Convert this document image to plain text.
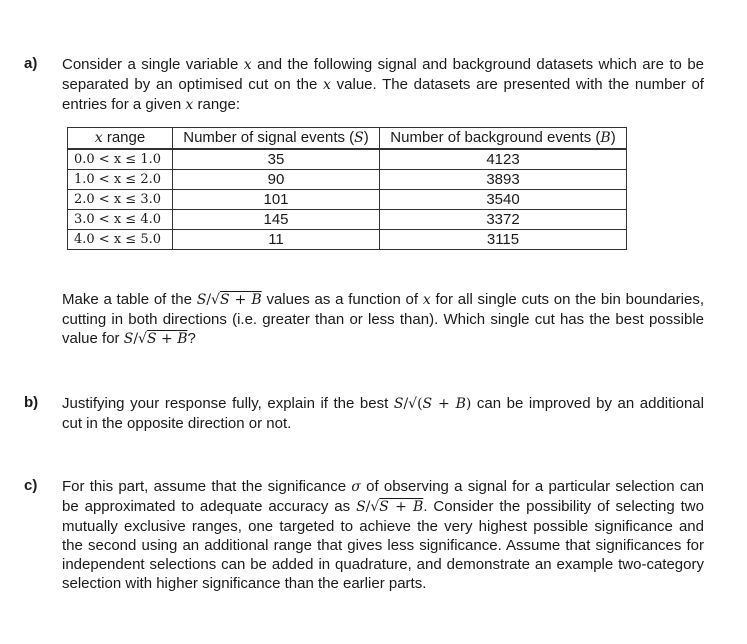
a) Consider a single variable x and the following signal and background datasets which are to be separated by an optimised cut on the x value. The datasets are presented with the number of entries for a given x range:

x range	Number of signal events (S)	Number of background events (B)
0.0 < x ≤ 1.0	35	4123
1.0 < x ≤ 2.0	90	3893
2.0 < x ≤ 3.0	101	3540
3.0 < x ≤ 4.0	145	3372
4.0 < x ≤ 5.0	11	3115
Make a table of the S/√S + B values as a function of x for all single cuts on the bin boundaries, cutting in both directions (i.e. greater than or less than). Which single cut has the best possible value for S/√S + B?
b) Justifying your response fully, explain if the best S/√(S + B) can be improved by an additional cut in the opposite direction or not.
c) For this part, assume that the significance σ of observing a signal for a particular selection can be approximated to adequate accuracy as S/√S + B. Consider the possibility of selecting two mutually exclusive ranges, one targeted to achieve the very highest possible significance and the second using an additional range that gives less significance. Assume that significances for independent selections can be added in quadrature, and demonstrate an example two-category selection with higher significance than the earlier parts.
